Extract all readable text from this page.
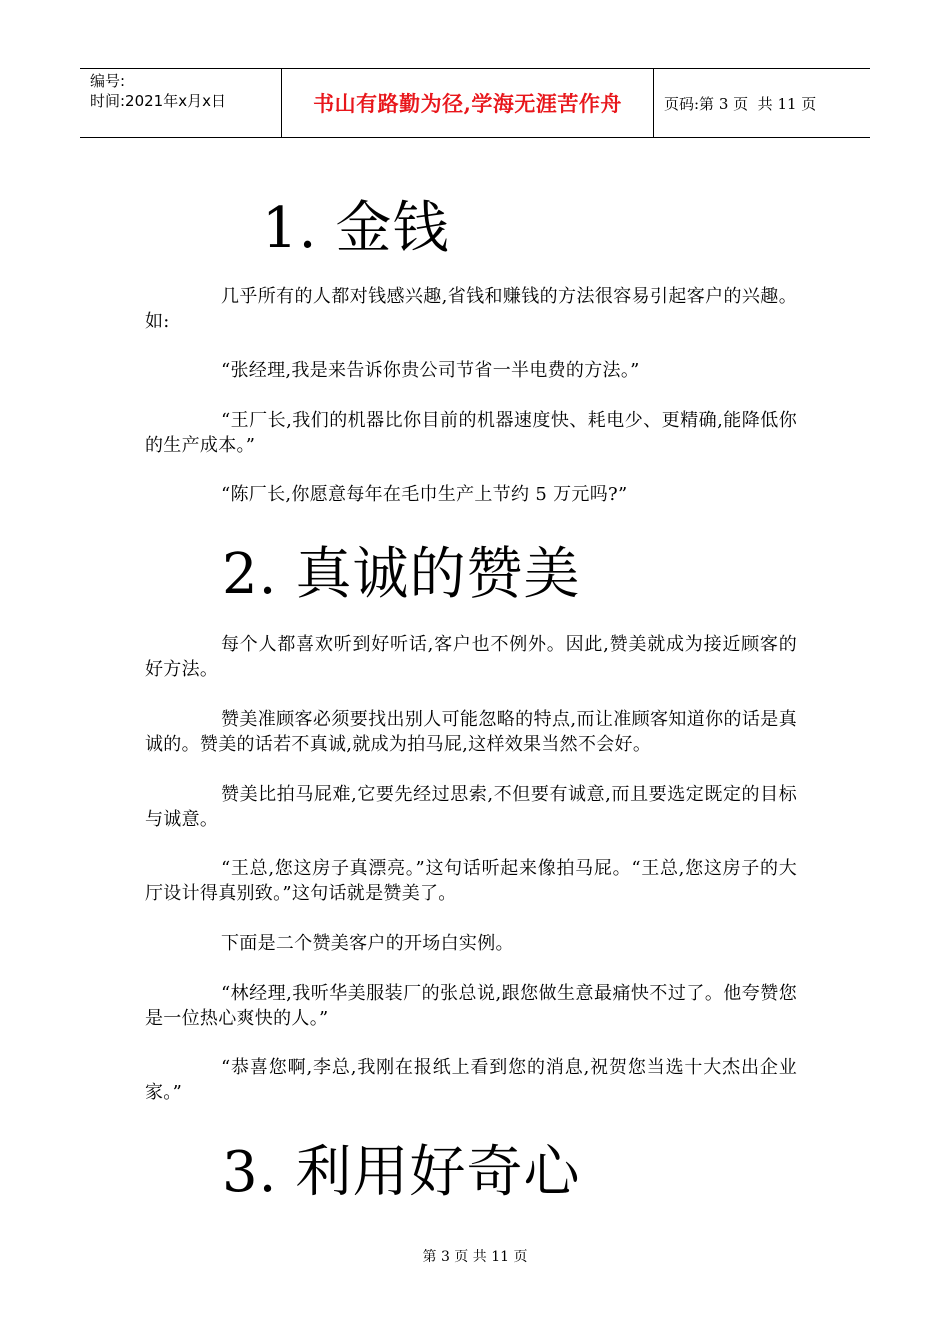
编号:
时间:2021年x月x日	书山有路勤为径,学海无涯苦作舟	页码:第 3 页  共 11 页
1. 金钱
几乎所有的人都对钱感兴趣,省钱和赚钱的方法很容易引起客户的兴趣。如:
“张经理,我是来告诉你贵公司节省一半电费的方法。”
“王厂长,我们的机器比你目前的机器速度快、耗电少、更精确,能降低你的生产成本。”
“陈厂长,你愿意每年在毛巾生产上节约 5 万元吗?”
2. 真诚的赞美
每个人都喜欢听到好听话,客户也不例外。因此,赞美就成为接近顾客的好方法。
赞美准顾客必须要找出别人可能忽略的特点,而让准顾客知道你的话是真诚的。赞美的话若不真诚,就成为拍马屁,这样效果当然不会好。
赞美比拍马屁难,它要先经过思索,不但要有诚意,而且要选定既定的目标与诚意。
“王总,您这房子真漂亮。”这句话听起来像拍马屁。“王总,您这房子的大厅设计得真别致。”这句话就是赞美了。
下面是二个赞美客户的开场白实例。
“林经理,我听华美服装厂的张总说,跟您做生意最痛快不过了。他夸赞您是一位热心爽快的人。”
“恭喜您啊,李总,我刚在报纸上看到您的消息,祝贺您当选十大杰出企业家。”
3. 利用好奇心
第 3 页 共 11 页
